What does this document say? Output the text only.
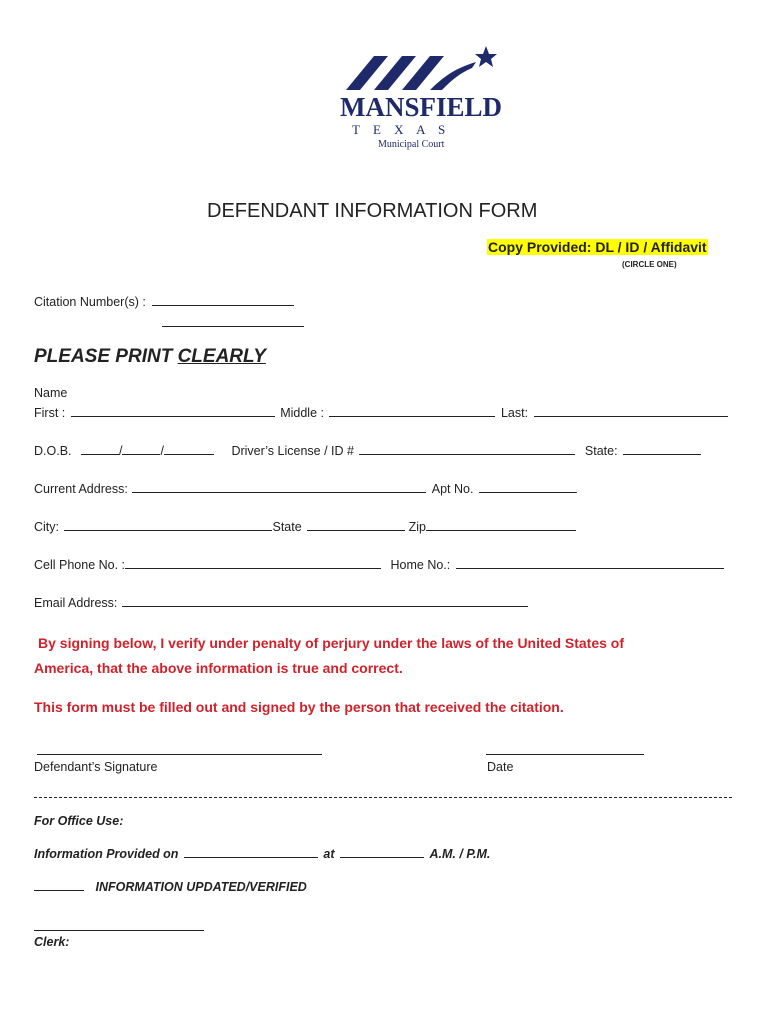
MANSFIELD
T E X A S
Municipal Court
DEFENDANT INFORMATION FORM
Copy Provided: DL / ID / Affidavit
(CIRCLE ONE)
Citation Number(s) :
PLEASE PRINT CLEARLY
Name
First :	Middle :	Last:
D.O.B.	/	/	Driver’s License / ID #	State:
Current Address:	Apt No.
City:	State	Zip
Cell Phone No. :	Home No.:
Email Address:
By signing below, I verify under penalty of perjury under the laws of the United States of
America, that the above information is true and correct.
This form must be filled out and signed by the person that received the citation.
Defendant’s Signature	Date
For Office Use:
Information Provided on	at	A.M. / P.M.
INFORMATION UPDATED/VERIFIED
Clerk:
